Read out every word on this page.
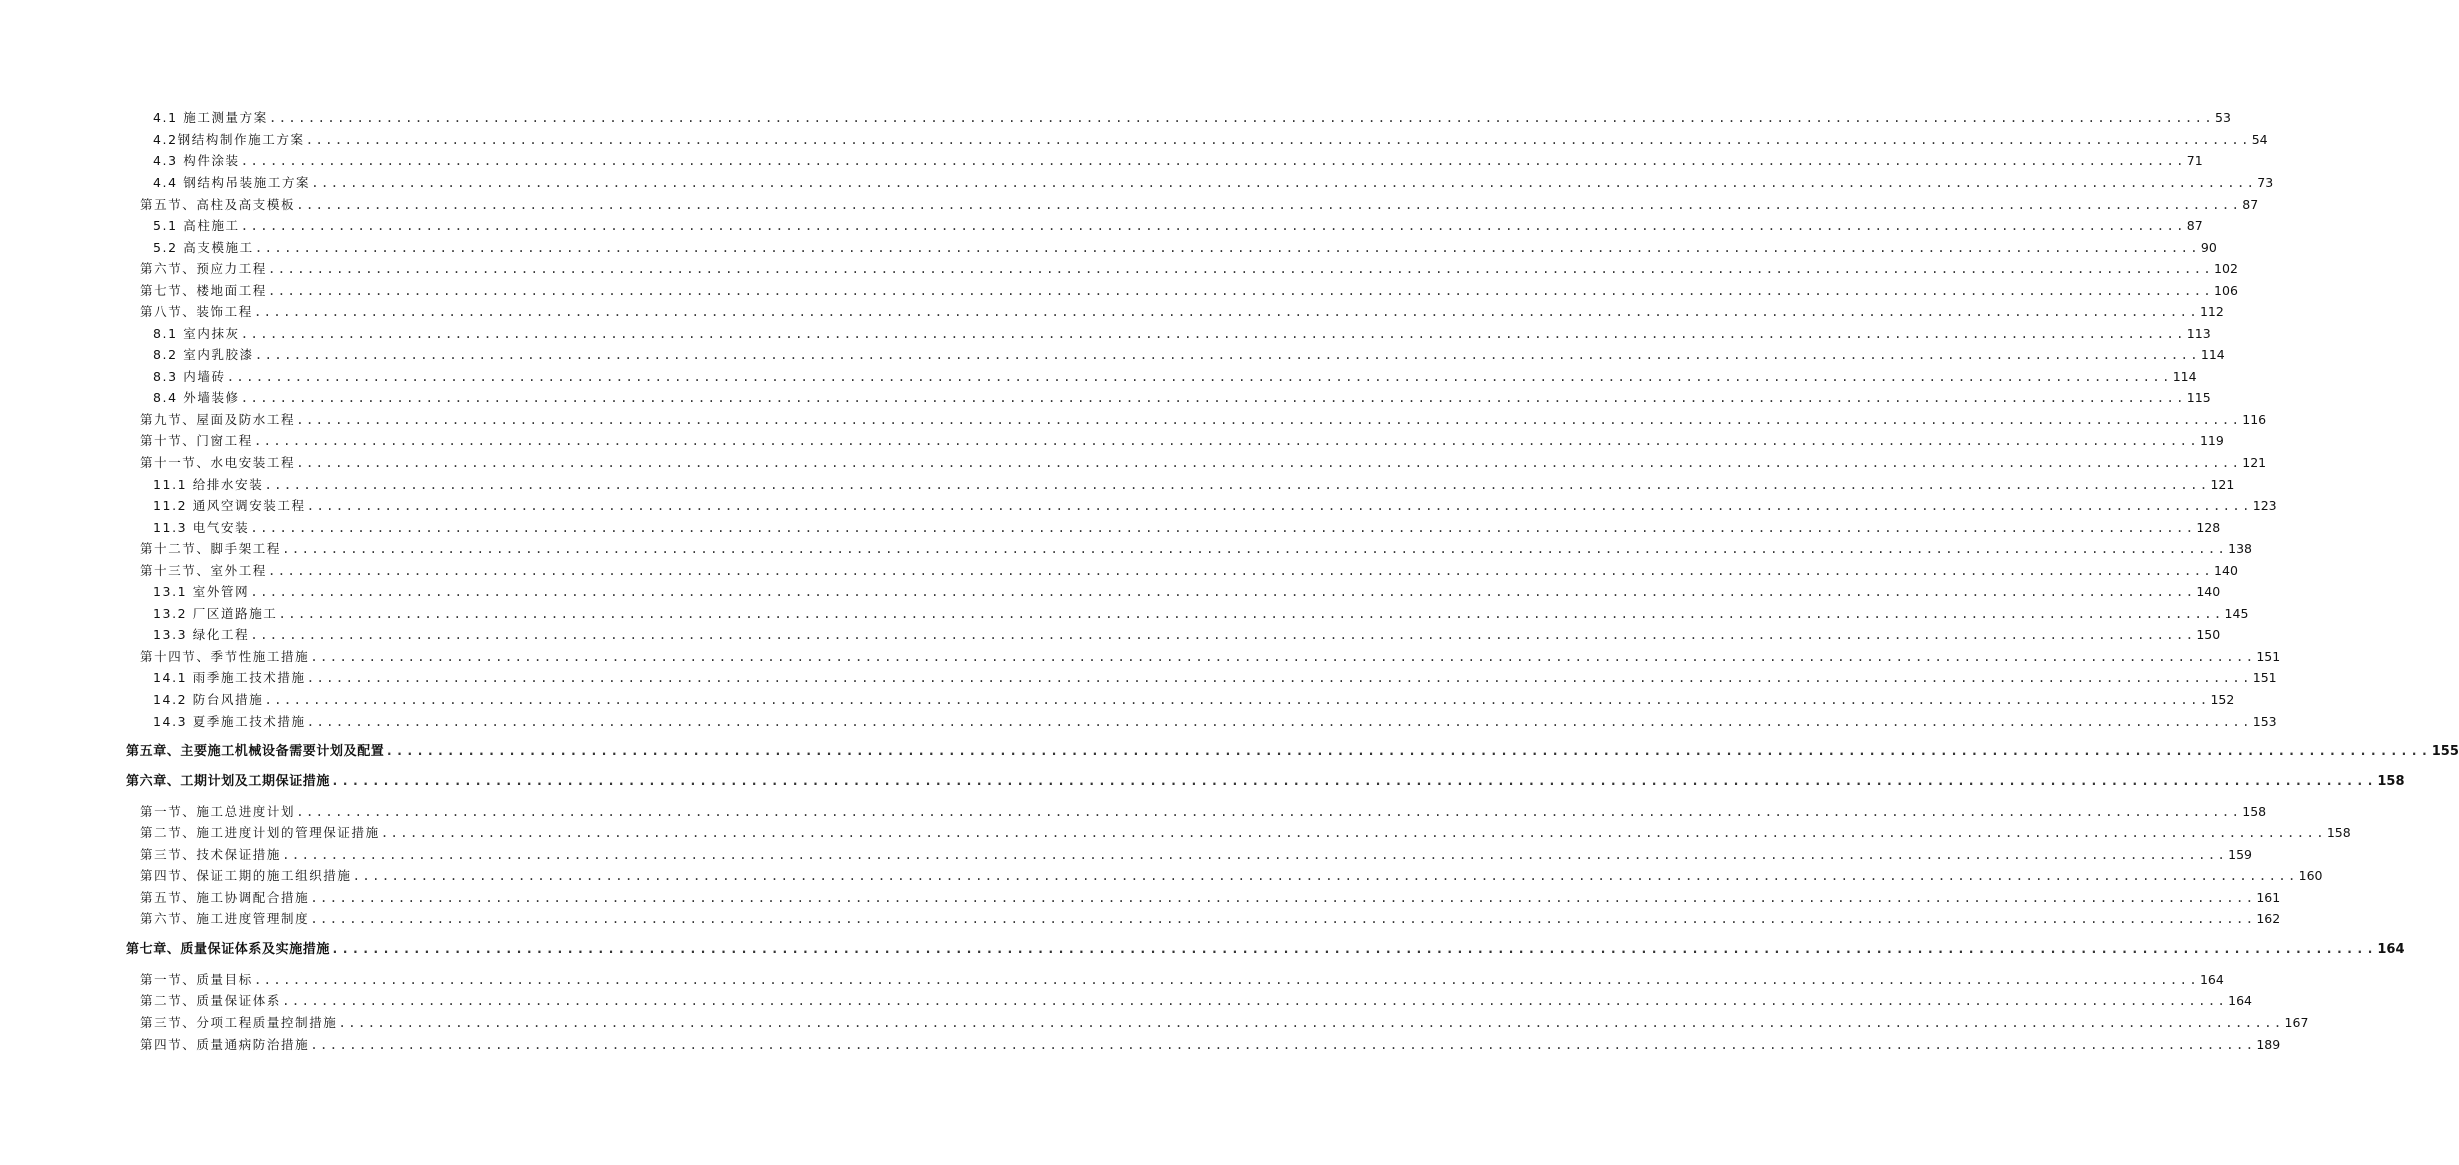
4.1 施工测量方案 ........................................................................................................................................................................................................ 53
4.2钢结构制作施工方案 ........................................................................................................................................................................................................ 54
4.3 构件涂装 ........................................................................................................................................................................................................ 71
4.4 钢结构吊装施工方案 ........................................................................................................................................................................................................ 73
第五节、高柱及高支模板 ........................................................................................................................................................................................................ 87
5.1 高柱施工 ........................................................................................................................................................................................................ 87
5.2 高支模施工 ........................................................................................................................................................................................................ 90
第六节、预应力工程 ........................................................................................................................................................................................................ 102
第七节、楼地面工程 ........................................................................................................................................................................................................ 106
第八节、装饰工程 ........................................................................................................................................................................................................ 112
8.1 室内抹灰 ........................................................................................................................................................................................................ 113
8.2 室内乳胶漆 ........................................................................................................................................................................................................ 114
8.3 内墙砖 ........................................................................................................................................................................................................ 114
8.4 外墙装修 ........................................................................................................................................................................................................ 115
第九节、屋面及防水工程 ........................................................................................................................................................................................................ 116
第十节、门窗工程 ........................................................................................................................................................................................................ 119
第十一节、水电安装工程 ........................................................................................................................................................................................................ 121
11.1 给排水安装 ........................................................................................................................................................................................................ 121
11.2 通风空调安装工程 ........................................................................................................................................................................................................ 123
11.3 电气安装 ........................................................................................................................................................................................................ 128
第十二节、脚手架工程 ........................................................................................................................................................................................................ 138
第十三节、室外工程 ........................................................................................................................................................................................................ 140
13.1 室外管网 ........................................................................................................................................................................................................ 140
13.2 厂区道路施工 ........................................................................................................................................................................................................ 145
13.3 绿化工程 ........................................................................................................................................................................................................ 150
第十四节、季节性施工措施 ........................................................................................................................................................................................................ 151
14.1 雨季施工技术措施 ........................................................................................................................................................................................................ 151
14.2 防台风措施 ........................................................................................................................................................................................................ 152
14.3 夏季施工技术措施 ........................................................................................................................................................................................................ 153
第五章、主要施工机械设备需要计划及配置 ........................................................................................................................................................................................................ 155
第六章、工期计划及工期保证措施 ........................................................................................................................................................................................................ 158
第一节、施工总进度计划 ........................................................................................................................................................................................................ 158
第二节、施工进度计划的管理保证措施 ........................................................................................................................................................................................................ 158
第三节、技术保证措施 ........................................................................................................................................................................................................ 159
第四节、保证工期的施工组织措施 ........................................................................................................................................................................................................ 160
第五节、施工协调配合措施 ........................................................................................................................................................................................................ 161
第六节、施工进度管理制度 ........................................................................................................................................................................................................ 162
第七章、质量保证体系及实施措施 ........................................................................................................................................................................................................ 164
第一节、质量目标 ........................................................................................................................................................................................................ 164
第二节、质量保证体系 ........................................................................................................................................................................................................ 164
第三节、分项工程质量控制措施 ........................................................................................................................................................................................................ 167
第四节、质量通病防治措施 ........................................................................................................................................................................................................ 189
